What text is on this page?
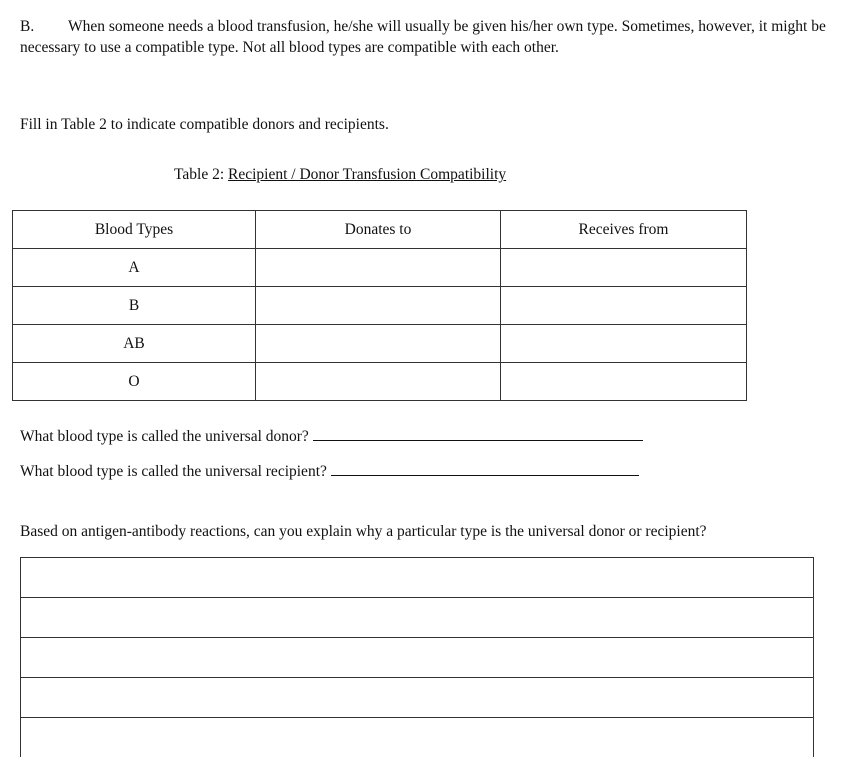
B. When someone needs a blood transfusion, he/she will usually be given his/her own type. Sometimes, however, it might be necessary to use a compatible type. Not all blood types are compatible with each other.
Fill in Table 2 to indicate compatible donors and recipients.
Table 2: Recipient / Donor Transfusion Compatibility
Blood Types	Donates to	Receives from
A		
B		
AB		
O		
What blood type is called the universal donor?
What blood type is called the universal recipient?
Based on antigen-antibody reactions, can you explain why a particular type is the universal donor or recipient?
